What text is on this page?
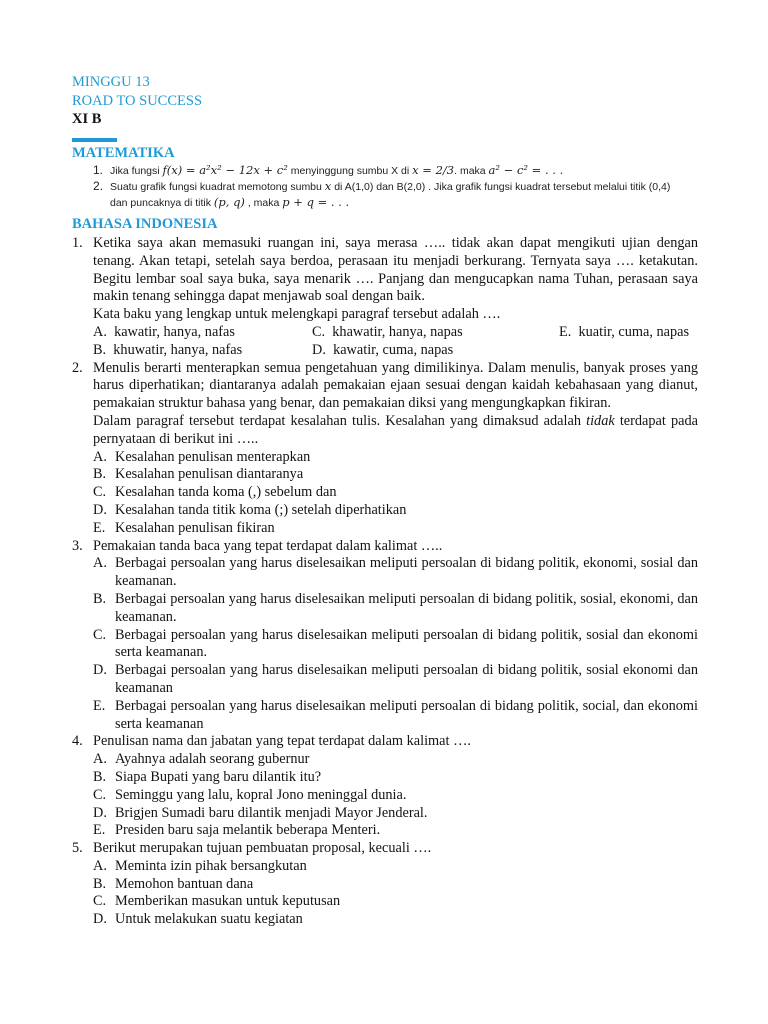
MINGGU 13
ROAD TO SUCCESS
XI B
MATEMATIKA
1. Jika fungsi f(x) = a²x² − 12x + c² menyinggung sumbu X di x = 2/3. maka a² − c² = . . .
2. Suatu grafik fungsi kuadrat memotong sumbu x di A(1,0) dan B(2,0) . Jika grafik fungsi kuadrat tersebut melalui titik (0,4)
dan puncaknya di titik (p, q) , maka p + q = . . .
BAHASA INDONESIA
1. Ketika saya akan memasuki ruangan ini, saya merasa ….. tidak akan dapat mengikuti ujian dengan tenang. Akan tetapi, setelah saya berdoa, perasaan itu menjadi berkurang. Ternyata saya …. ketakutan. Begitu lembar soal saya buka, saya menarik …. Panjang dan mengucapkan nama Tuhan, perasaan saya makin tenang sehingga dapat menjawab soal dengan baik.
Kata baku yang lengkap untuk melengkapi paragraf tersebut adalah ….
A. kawatir, hanya, nafas	C. khawatir, hanya, napas	E. kuatir, cuma, napas
B. khuwatir, hanya, nafas	D. kawatir, cuma, napas
2. Menulis berarti menterapkan semua pengetahuan yang dimilikinya. Dalam menulis, banyak proses yang harus diperhatikan; diantaranya adalah pemakaian ejaan sesuai dengan kaidah kebahasaan yang dianut, pemakaian struktur bahasa yang benar, dan pemakaian diksi yang mengungkapkan fikiran.
Dalam paragraf tersebut terdapat kesalahan tulis. Kesalahan yang dimaksud adalah tidak terdapat pada pernyataan di berikut ini …..
A. Kesalahan penulisan menterapkan
B. Kesalahan penulisan diantaranya
C. Kesalahan tanda koma (,) sebelum dan
D. Kesalahan tanda titik koma (;) setelah diperhatikan
E. Kesalahan penulisan fikiran
3. Pemakaian tanda baca yang tepat terdapat dalam kalimat …..
A. Berbagai persoalan yang harus diselesaikan meliputi persoalan di bidang politik, ekonomi, sosial dan keamanan.
B. Berbagai persoalan yang harus diselesaikan meliputi persoalan di bidang politik, sosial, ekonomi, dan keamanan.
C. Berbagai persoalan yang harus diselesaikan meliputi persoalan di bidang politik, sosial dan ekonomi serta keamanan.
D. Berbagai persoalan yang harus diselesaikan meliputi persoalan di bidang politik, sosial ekonomi dan keamanan
E. Berbagai persoalan yang harus diselesaikan meliputi persoalan di bidang politik, social, dan ekonomi serta keamanan
4. Penulisan nama dan jabatan yang tepat terdapat dalam kalimat ….
A. Ayahnya adalah seorang gubernur
B. Siapa Bupati yang baru dilantik itu?
C. Seminggu yang lalu, kopral Jono meninggal dunia.
D. Brigjen Sumadi baru dilantik menjadi Mayor Jenderal.
E. Presiden baru saja melantik beberapa Menteri.
5. Berikut merupakan tujuan pembuatan proposal, kecuali ….
A. Meminta izin pihak bersangkutan
B. Memohon bantuan dana
C. Memberikan masukan untuk keputusan
D. Untuk melakukan suatu kegiatan
